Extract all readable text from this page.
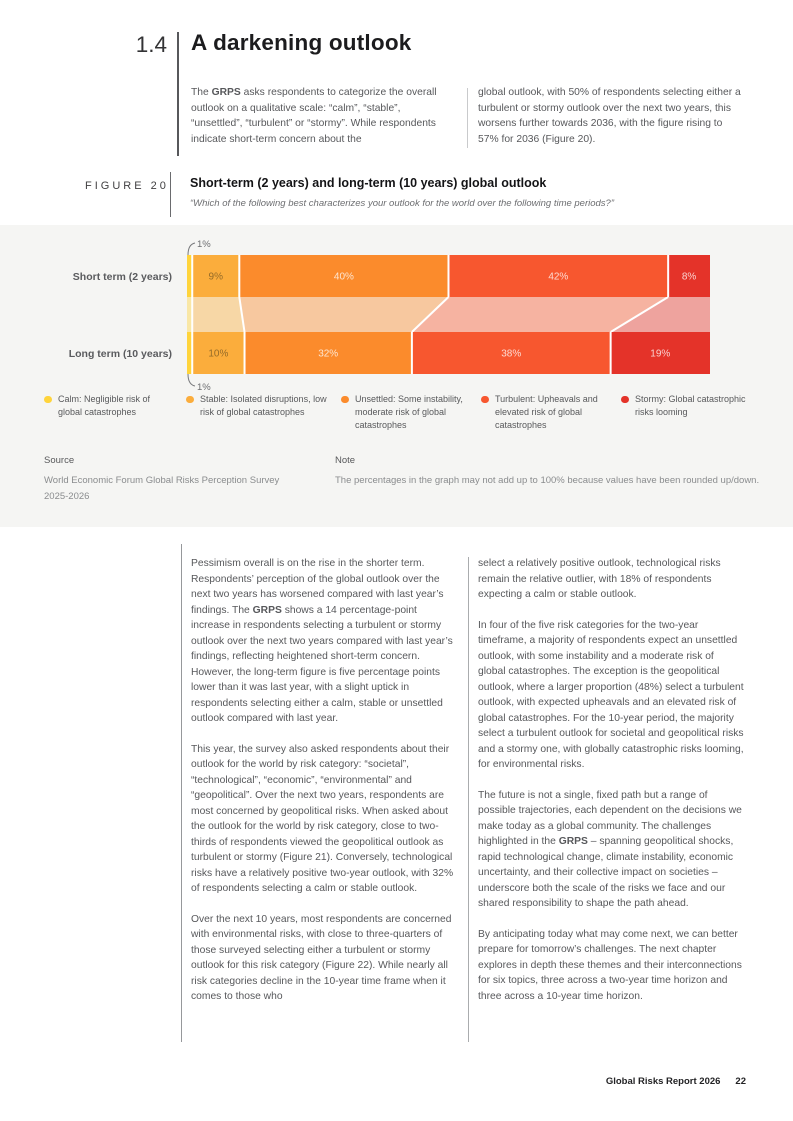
1.4 A darkening outlook
The GRPS asks respondents to categorize the overall outlook on a qualitative scale: “calm”, “stable”, “unsettled”, “turbulent” or “stormy”. While respondents indicate short-term concern about the
global outlook, with 50% of respondents selecting either a turbulent or stormy outlook over the next two years, this worsens further towards 2036, with the figure rising to 57% for 2036 (Figure 20).
FIGURE 20 Short-term (2 years) and long-term (10 years) global outlook
“Which of the following best characterizes your outlook for the world over the following time periods?”
9%	40%	42%	8%
Short term (2 years)
10%	32%	38%	19%
Long term (10 years)
1%
1%
Calm: Negligible risk of global catastrophes
Stable: Isolated disruptions, low risk of global catastrophes
Unsettled: Some instability, moderate risk of global catastrophes
Turbulent: Upheavals and elevated risk of global catastrophes
Stormy: Global catastrophic risks looming
Source
World Economic Forum Global Risks Perception Survey
2025-2026
Note
The percentages in the graph may not add up to 100% because values have been rounded up/down.

Pessimism overall is on the rise in the shorter term. Respondents’ perception of the global outlook over the next two years has worsened compared with last year’s findings. The GRPS shows a 14 percentage-point increase in respondents selecting a turbulent or stormy outlook over the next two years compared with last year’s findings, reflecting heightened short-term concern. However, the long-term figure is five percentage points lower than it was last year, with a slight uptick in respondents selecting either a calm, stable or unsettled outlook compared with last year.

This year, the survey also asked respondents about their outlook for the world by risk category: “societal”, “technological”, “economic”, “environmental” and “geopolitical”. Over the next two years, respondents are most concerned by geopolitical risks. When asked about the outlook for the world by risk category, close to two-thirds of respondents viewed the geopolitical outlook as turbulent or stormy (Figure 21). Conversely, technological risks have a relatively positive two-year outlook, with 32% of respondents selecting a calm or stable outlook.

Over the next 10 years, most respondents are concerned with environmental risks, with close to three-quarters of those surveyed selecting either a turbulent or stormy outlook for this risk category (Figure 22). While nearly all risk categories decline in the 10-year time frame when it comes to those who

select a relatively positive outlook, technological risks remain the relative outlier, with 18% of respondents expecting a calm or stable outlook.

In four of the five risk categories for the two-year timeframe, a majority of respondents expect an unsettled outlook, with some instability and a moderate risk of global catastrophes. The exception is the geopolitical outlook, where a larger proportion (48%) select a turbulent outlook, with expected upheavals and an elevated risk of global catastrophes. For the 10-year period, the majority select a turbulent outlook for societal and geopolitical risks and a stormy one, with globally catastrophic risks looming, for environmental risks.

The future is not a single, fixed path but a range of possible trajectories, each dependent on the decisions we make today as a global community. The challenges highlighted in the GRPS – spanning geopolitical shocks, rapid technological change, climate instability, economic uncertainty, and their collective impact on societies – underscore both the scale of the risks we face and our shared responsibility to shape the path ahead.

By anticipating today what may come next, we can better prepare for tomorrow’s challenges. The next chapter explores in depth these themes and their interconnections for six topics, three across a two-year time horizon and three across a 10-year time horizon.

Global Risks Report 2026 22
